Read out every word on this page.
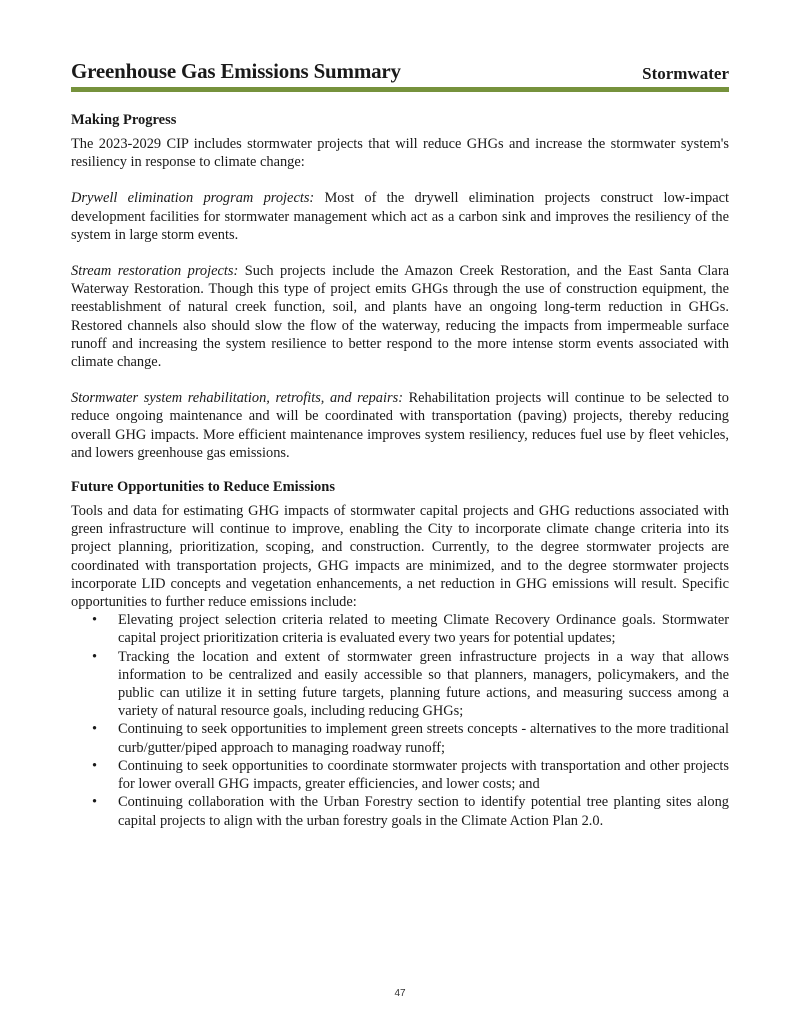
Greenhouse Gas Emissions Summary	Stormwater
Making Progress

The 2023-2029 CIP includes stormwater projects that will reduce GHGs and increase the stormwater system's resiliency in response to climate change:

Drywell elimination program projects: Most of the drywell elimination projects construct low-impact development facilities for stormwater management which act as a carbon sink and improves the resiliency of the system in large storm events.

Stream restoration projects: Such projects include the Amazon Creek Restoration, and the East Santa Clara Waterway Restoration. Though this type of project emits GHGs through the use of construction equipment, the reestablishment of natural creek function, soil, and plants have an ongoing long-term reduction in GHGs. Restored channels also should slow the flow of the waterway, reducing the impacts from impermeable surface runoff and increasing the system resilience to better respond to the more intense storm events associated with climate change.

Stormwater system rehabilitation, retrofits, and repairs: Rehabilitation projects will continue to be selected to reduce ongoing maintenance and will be coordinated with transportation (paving) projects, thereby reducing overall GHG impacts. More efficient maintenance improves system resiliency, reduces fuel use by fleet vehicles, and lowers greenhouse gas emissions.

Future Opportunities to Reduce Emissions

Tools and data for estimating GHG impacts of stormwater capital projects and GHG reductions associated with green infrastructure will continue to improve, enabling the City to incorporate climate change criteria into its project planning, prioritization, scoping, and construction. Currently, to the degree stormwater projects are coordinated with transportation projects, GHG impacts are minimized, and to the degree stormwater projects incorporate LID concepts and vegetation enhancements, a net reduction in GHG emissions will result. Specific opportunities to further reduce emissions include:

• Elevating project selection criteria related to meeting Climate Recovery Ordinance goals. Stormwater capital project prioritization criteria is evaluated every two years for potential updates;
• Tracking the location and extent of stormwater green infrastructure projects in a way that allows information to be centralized and easily accessible so that planners, managers, policymakers, and the public can utilize it in setting future targets, planning future actions, and measuring success among a variety of natural resource goals, including reducing GHGs;
• Continuing to seek opportunities to implement green streets concepts - alternatives to the more traditional curb/gutter/piped approach to managing roadway runoff;
• Continuing to seek opportunities to coordinate stormwater projects with transportation and other projects for lower overall GHG impacts, greater efficiencies, and lower costs; and
• Continuing collaboration with the Urban Forestry section to identify potential tree planting sites along capital projects to align with the urban forestry goals in the Climate Action Plan 2.0.
47
